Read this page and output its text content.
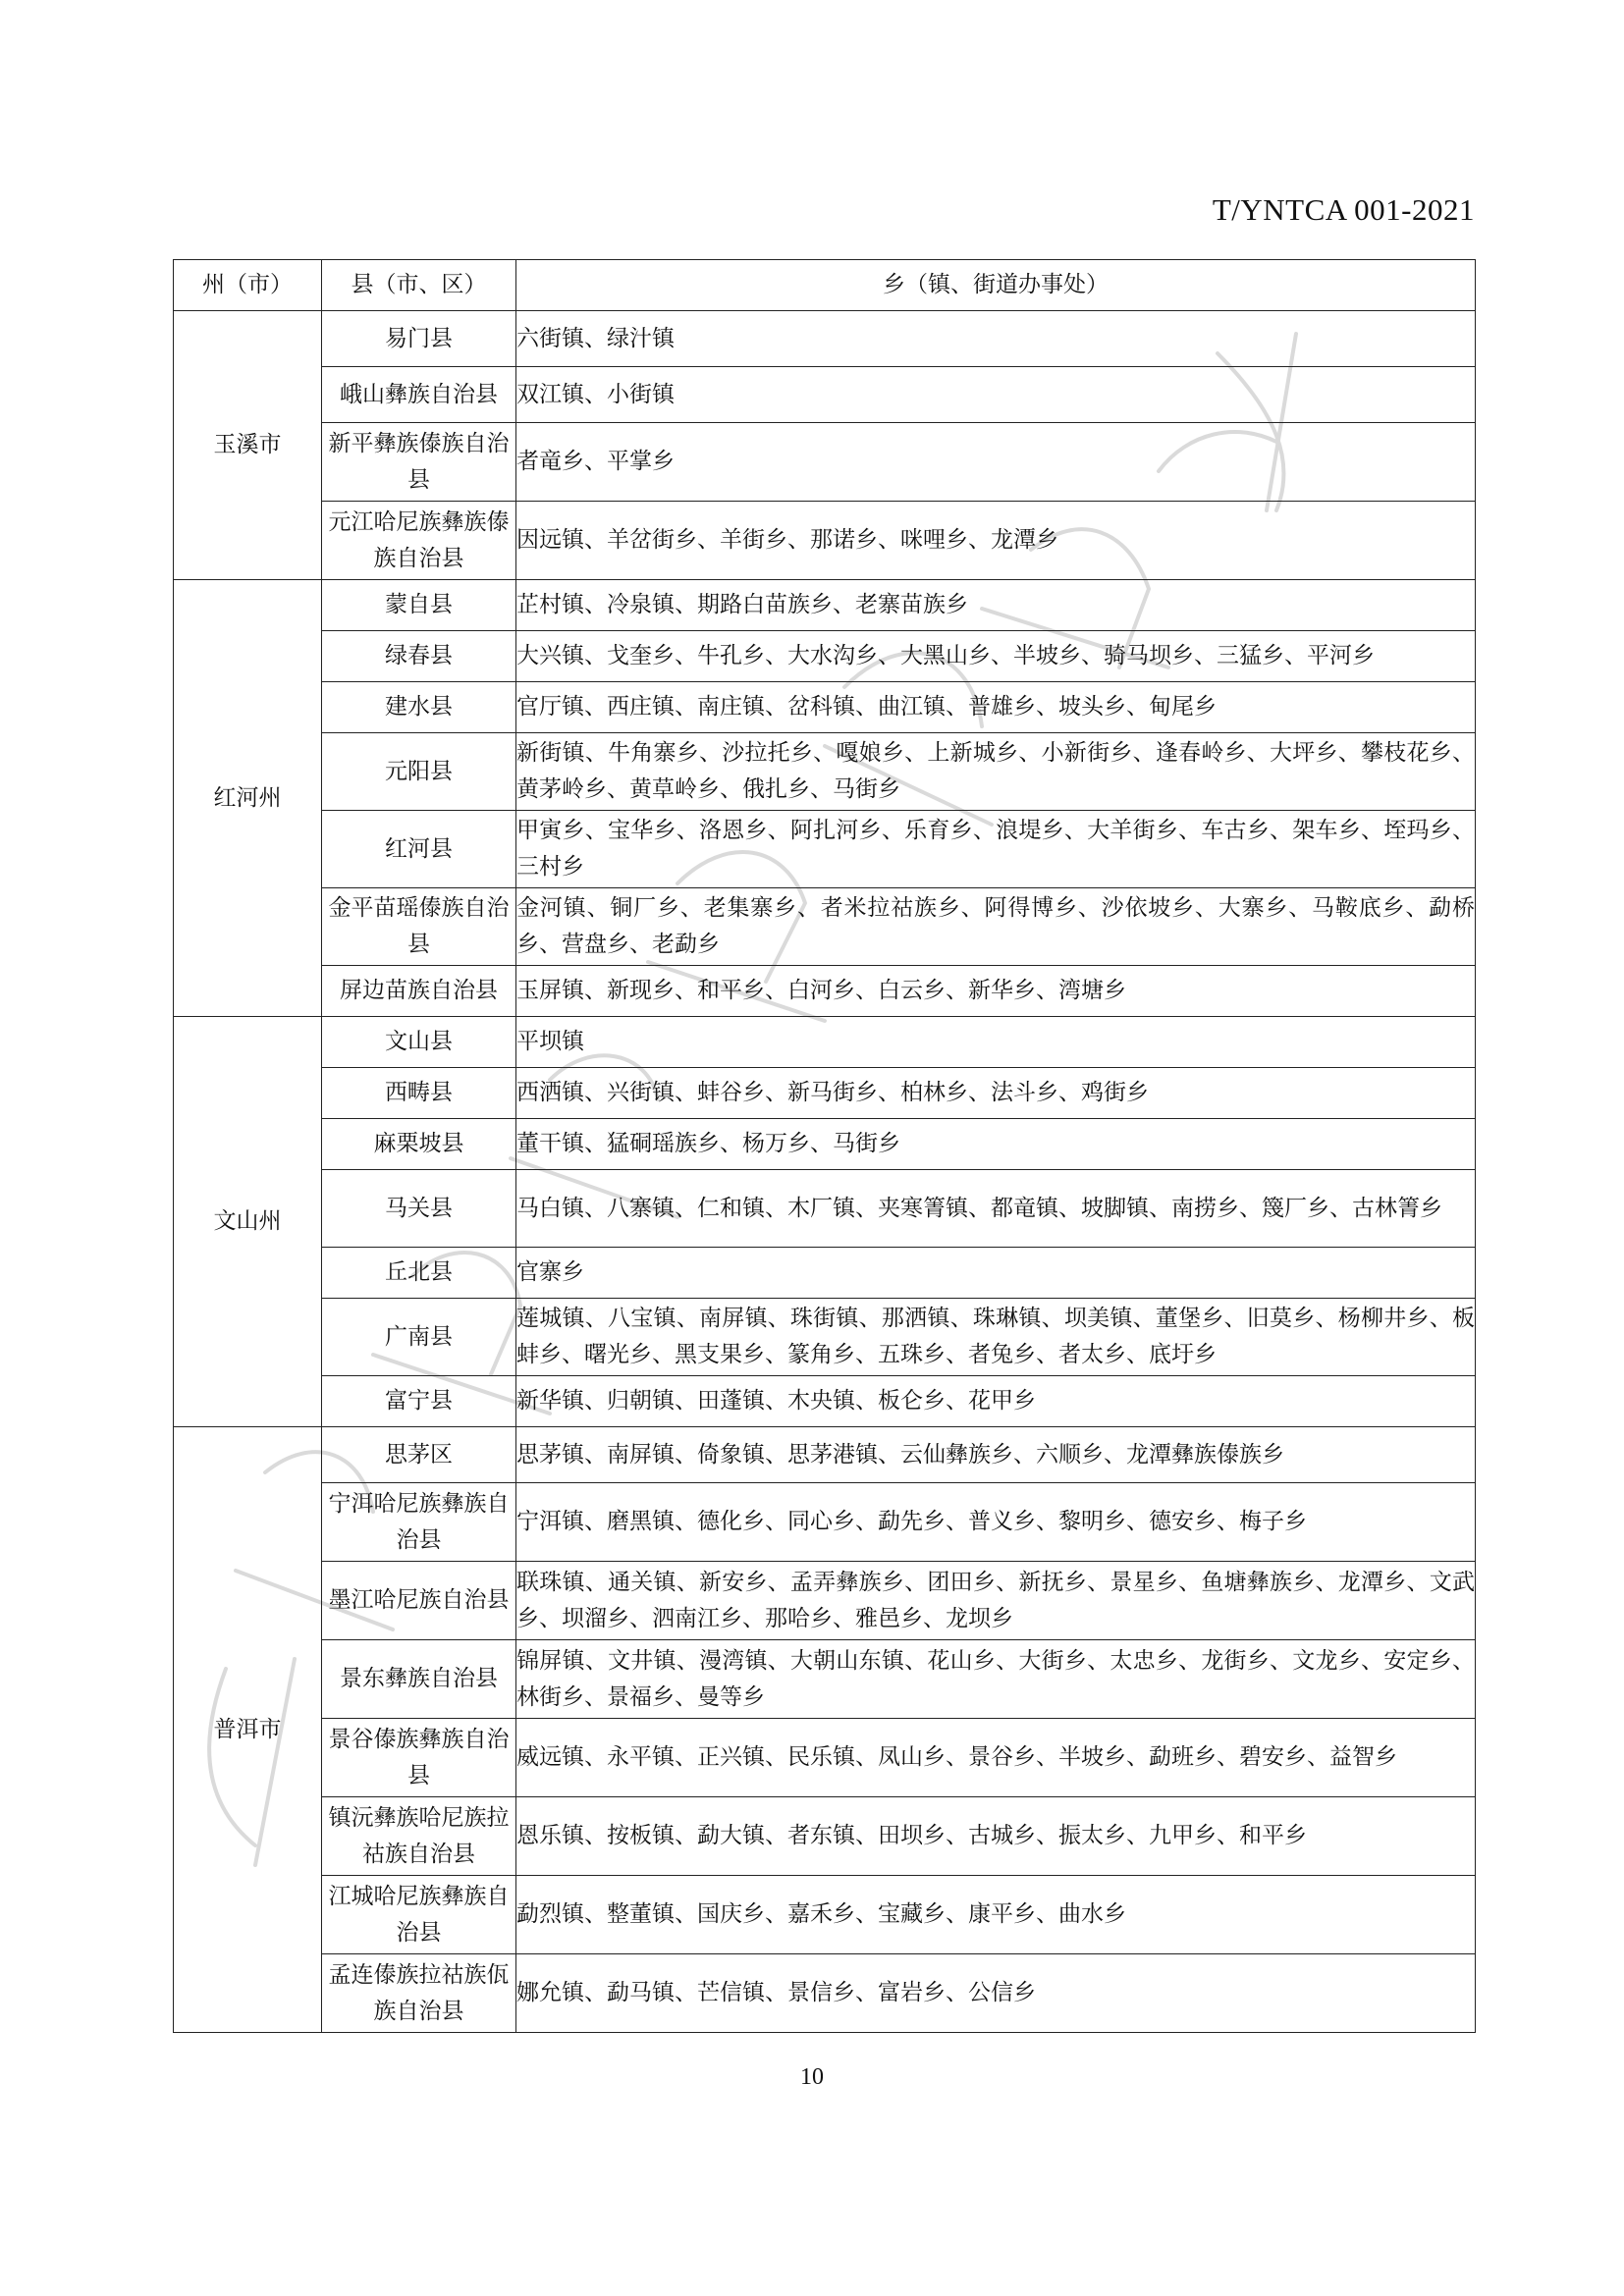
T/YNTCA 001-2021
州（市）	县（市、区）	乡（镇、街道办事处）
玉溪市	易门县	六街镇、绿汁镇
	峨山彝族自治县	双江镇、小街镇
	新平彝族傣族自治县	者竜乡、平掌乡
	元江哈尼族彝族傣族自治县	因远镇、羊岔街乡、羊街乡、那诺乡、咪哩乡、龙潭乡
红河州	蒙自县	芷村镇、冷泉镇、期路白苗族乡、老寨苗族乡
	绿春县	大兴镇、戈奎乡、牛孔乡、大水沟乡、大黑山乡、半坡乡、骑马坝乡、三猛乡、平河乡
	建水县	官厅镇、西庄镇、南庄镇、岔科镇、曲江镇、普雄乡、坡头乡、甸尾乡
	元阳县	新街镇、牛角寨乡、沙拉托乡、嘎娘乡、上新城乡、小新街乡、逢春岭乡、大坪乡、攀枝花乡、黄茅岭乡、黄草岭乡、俄扎乡、马街乡
	红河县	甲寅乡、宝华乡、洛恩乡、阿扎河乡、乐育乡、浪堤乡、大羊街乡、车古乡、架车乡、垤玛乡、三村乡
	金平苗瑶傣族自治县	金河镇、铜厂乡、老集寨乡、者米拉祜族乡、阿得博乡、沙依坡乡、大寨乡、马鞍底乡、勐桥乡、营盘乡、老勐乡
	屏边苗族自治县	玉屏镇、新现乡、和平乡、白河乡、白云乡、新华乡、湾塘乡
文山州	文山县	平坝镇
	西畴县	西洒镇、兴街镇、蚌谷乡、新马街乡、柏林乡、法斗乡、鸡街乡
	麻栗坡县	董干镇、猛硐瑶族乡、杨万乡、马街乡
	马关县	马白镇、八寨镇、仁和镇、木厂镇、夹寒箐镇、都竜镇、坡脚镇、南捞乡、篾厂乡、古林箐乡
	丘北县	官寨乡
	广南县	莲城镇、八宝镇、南屏镇、珠街镇、那洒镇、珠琳镇、坝美镇、董堡乡、旧莫乡、杨柳井乡、板蚌乡、曙光乡、黑支果乡、篆角乡、五珠乡、者兔乡、者太乡、底圩乡
	富宁县	新华镇、归朝镇、田蓬镇、木央镇、板仑乡、花甲乡
普洱市	思茅区	思茅镇、南屏镇、倚象镇、思茅港镇、云仙彝族乡、六顺乡、龙潭彝族傣族乡
	宁洱哈尼族彝族自治县	宁洱镇、磨黑镇、德化乡、同心乡、勐先乡、普义乡、黎明乡、德安乡、梅子乡
	墨江哈尼族自治县	联珠镇、通关镇、新安乡、孟弄彝族乡、团田乡、新抚乡、景星乡、鱼塘彝族乡、龙潭乡、文武乡、坝溜乡、泗南江乡、那哈乡、雅邑乡、龙坝乡
	景东彝族自治县	锦屏镇、文井镇、漫湾镇、大朝山东镇、花山乡、大街乡、太忠乡、龙街乡、文龙乡、安定乡、林街乡、景福乡、曼等乡
	景谷傣族彝族自治县	威远镇、永平镇、正兴镇、民乐镇、凤山乡、景谷乡、半坡乡、勐班乡、碧安乡、益智乡
	镇沅彝族哈尼族拉祜族自治县	恩乐镇、按板镇、勐大镇、者东镇、田坝乡、古城乡、振太乡、九甲乡、和平乡
	江城哈尼族彝族自治县	勐烈镇、整董镇、国庆乡、嘉禾乡、宝藏乡、康平乡、曲水乡
	孟连傣族拉祜族佤族自治县	娜允镇、勐马镇、芒信镇、景信乡、富岩乡、公信乡
10
